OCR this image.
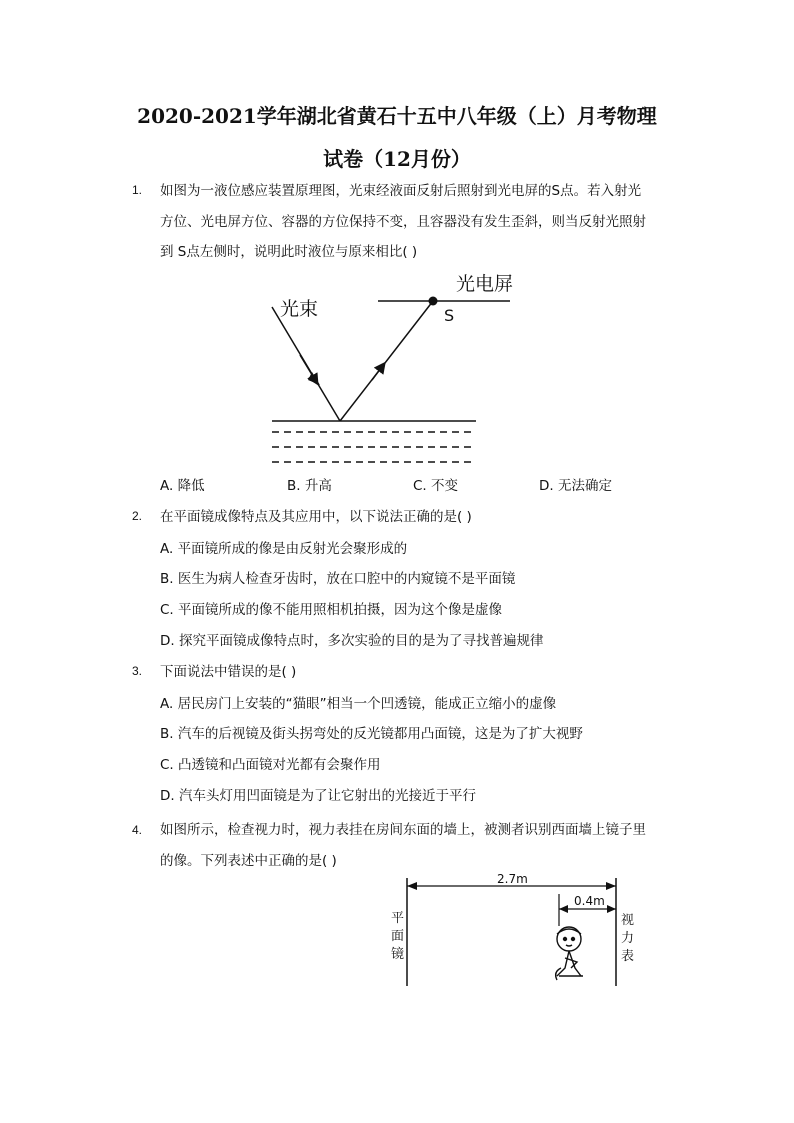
2020-2021学年湖北省黄石十五中八年级（上）月考物理
试卷（12月份）
1. 如图为一液位感应装置原理图，光束经液面反射后照射到光电屏的S点。若入射光
方位、光电屏方位、容器的方位保持不变，且容器没有发生歪斜，则当反射光照射
到 S点左侧时，说明此时液位与原来相比( )
光束
光电屏
S
A. 降低	B. 升高	C. 不变	D. 无法确定
2. 在平面镜成像特点及其应用中，以下说法正确的是( )
A. 平面镜所成的像是由反射光会聚形成的
B. 医生为病人检查牙齿时，放在口腔中的内窥镜不是平面镜
C. 平面镜所成的像不能用照相机拍摄，因为这个像是虚像
D. 探究平面镜成像特点时，多次实验的目的是为了寻找普遍规律
3. 下面说法中错误的是( )
A. 居民房门上安装的“猫眼”相当一个凹透镜，能成正立缩小的虚像
B. 汽车的后视镜及街头拐弯处的反光镜都用凸面镜，这是为了扩大视野
C. 凸透镜和凸面镜对光都有会聚作用
D. 汽车头灯用凹面镜是为了让它射出的光接近于平行
4. 如图所示，检查视力时，视力表挂在房间东面的墙上，被测者识别西面墙上镜子里
的像。下列表述中正确的是( )
2.7m
0.4m
平
面
镜
视
力
表
